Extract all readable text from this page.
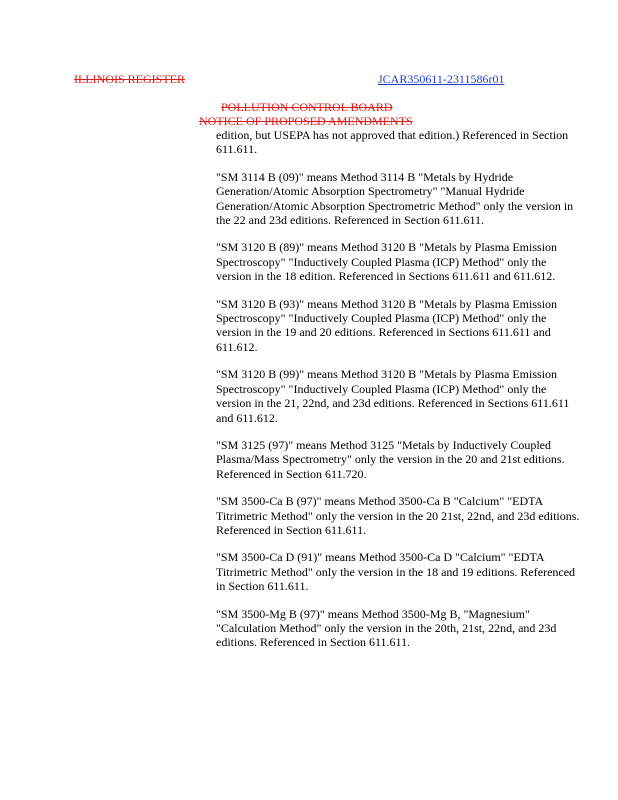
ILLINOIS REGISTER	JCAR350611-2311586r01
POLLUTION CONTROL BOARD
NOTICE OF PROPOSED AMENDMENTS

edition, but USEPA has not approved that edition.) Referenced in Section 611.611.

"SM 3114 B (09)" means Method 3114 B "Metals by Hydride Generation/Atomic Absorption Spectrometry" "Manual Hydride Generation/Atomic Absorption Spectrometric Method" only the version in the 22 and 23d editions. Referenced in Section 611.611.

"SM 3120 B (89)" means Method 3120 B "Metals by Plasma Emission Spectroscopy" "Inductively Coupled Plasma (ICP) Method" only the version in the 18 edition. Referenced in Sections 611.611 and 611.612.

"SM 3120 B (93)" means Method 3120 B "Metals by Plasma Emission Spectroscopy" "Inductively Coupled Plasma (ICP) Method" only the version in the 19 and 20 editions. Referenced in Sections 611.611 and 611.612.

"SM 3120 B (99)" means Method 3120 B "Metals by Plasma Emission Spectroscopy" "Inductively Coupled Plasma (ICP) Method" only the version in the 21, 22nd, and 23d editions. Referenced in Sections 611.611 and 611.612.

"SM 3125 (97)" means Method 3125 "Metals by Inductively Coupled Plasma/Mass Spectrometry" only the version in the 20 and 21st editions. Referenced in Section 611.720.

"SM 3500-Ca B (97)" means Method 3500-Ca B "Calcium" "EDTA Titrimetric Method" only the version in the 20 21st, 22nd, and 23d editions. Referenced in Section 611.611.

"SM 3500-Ca D (91)" means Method 3500-Ca D "Calcium" "EDTA Titrimetric Method" only the version in the 18 and 19 editions. Referenced in Section 611.611.

"SM 3500-Mg B (97)" means Method 3500-Mg B, "Magnesium" "Calculation Method" only the version in the 20th, 21st, 22nd, and 23d editions. Referenced in Section 611.611.
